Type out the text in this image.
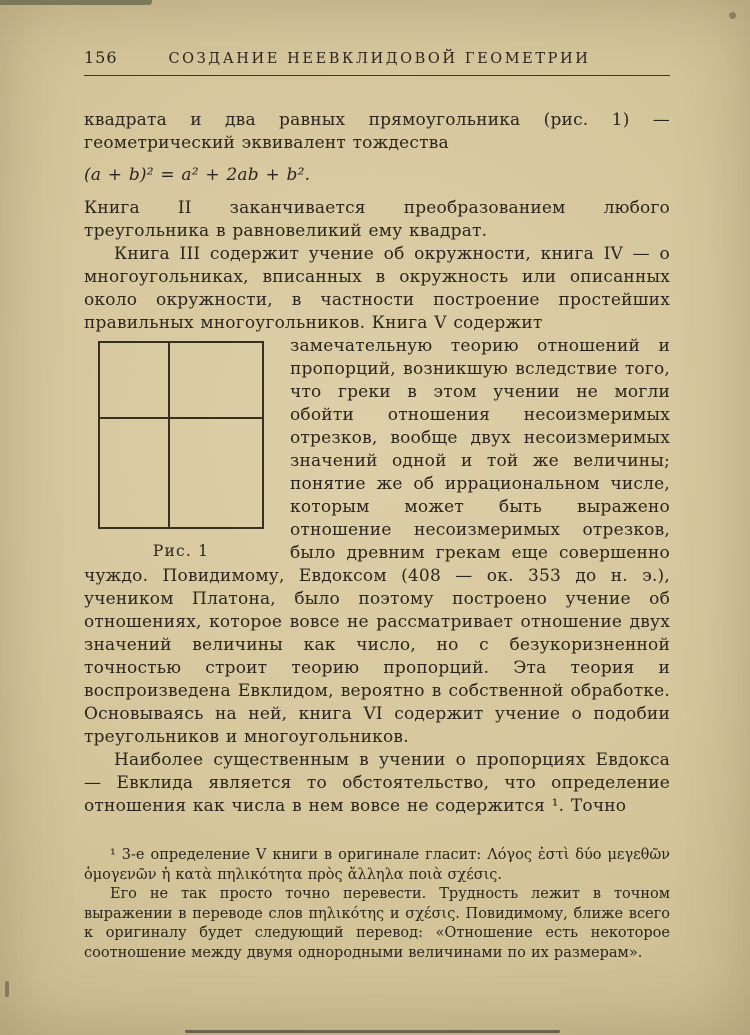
156	СОЗДАНИЕ НЕЕВКЛИДОВОЙ ГЕОМЕТРИИ

квадрата и два равных прямоугольника (рис. 1) — геометрический эквивалент тождества

(a + b)² = a² + 2ab + b².

Книга II заканчивается преобразованием любого треугольника в равновеликий ему квадрат.

Книга III содержит учение об окружности, книга IV — о многоугольниках, вписанных в окружность или описанных около окружности, в частности построение простейших правильных многоугольников. Книга V содержит

Рис. 1

замечательную теорию отношений и пропорций, возникшую вследствие того, что греки в этом учении не могли обойти отношения несоизмеримых отрезков, вообще двух несоизмеримых значений одной и той же величины; понятие же об иррациональном числе, которым может быть выражено отношение несоизмеримых отрезков, было древним грекам еще совершенно чуждо. Повидимому, Евдоксом (408 — ок. 353 до н. э.), учеником Платона, было поэтому построено учение об отношениях, которое вовсе не рассматривает отношение двух значений величины как число, но с безукоризненной точностью строит теорию пропорций. Эта теория и воспроизведена Евклидом, вероятно в собственной обработке. Основываясь на ней, книга VI содержит учение о подобии треугольников и многоугольников.

Наиболее существенным в учении о пропорциях Евдокса — Евклида является то обстоятельство, что определение отношения как числа в нем вовсе не содержится ¹. Точно

¹ 3-е определение V книги в оригинале гласит: Λόγος ἐστὶ δύο μεγεθῶν ὁμογενῶν ἡ κατὰ πηλικότητα πρὸς ἄλληλα ποιὰ σχέσις.

Его не так просто точно перевести. Трудность лежит в точном выражении в переводе слов πηλικότης и σχέσις. Повидимому, ближе всего к оригиналу будет следующий перевод: «Отношение есть некоторое соотношение между двумя однородными величинами по их размерам».
